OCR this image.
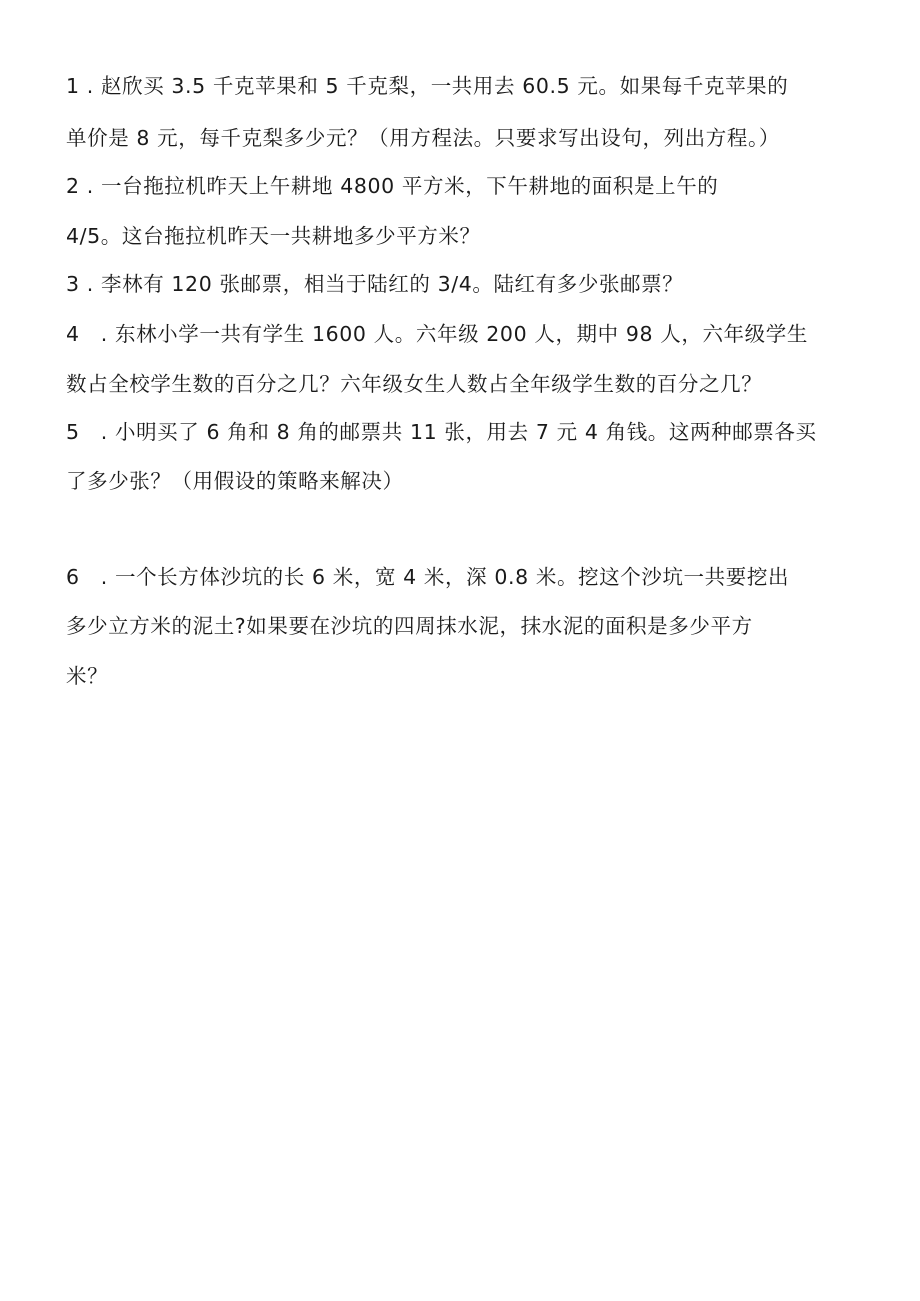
1 . 赵欣买 3.5 千克苹果和 5 千克梨，一共用去 60.5 元。如果每千克苹果的
单价是 8 元，每千克梨多少元？（用方程法。只要求写出设句，列出方程。）
2 . 一台拖拉机昨天上午耕地 4800 平方米，下午耕地的面积是上午的
4/5。这台拖拉机昨天一共耕地多少平方米？
3 . 李林有 120 张邮票，相当于陆红的 3/4。陆红有多少张邮票？
4　. 东林小学一共有学生 1600 人。六年级 200 人，期中 98 人，六年级学生
数占全校学生数的百分之几？六年级女生人数占全年级学生数的百分之几？
5　. 小明买了 6 角和 8 角的邮票共 11 张，用去 7 元 4 角钱。这两种邮票各买
了多少张？（用假设的策略来解决）
6　. 一个长方体沙坑的长 6 米，宽 4 米，深 0.8 米。挖这个沙坑一共要挖出
多少立方米的泥土?如果要在沙坑的四周抹水泥，抹水泥的面积是多少平方
米？
